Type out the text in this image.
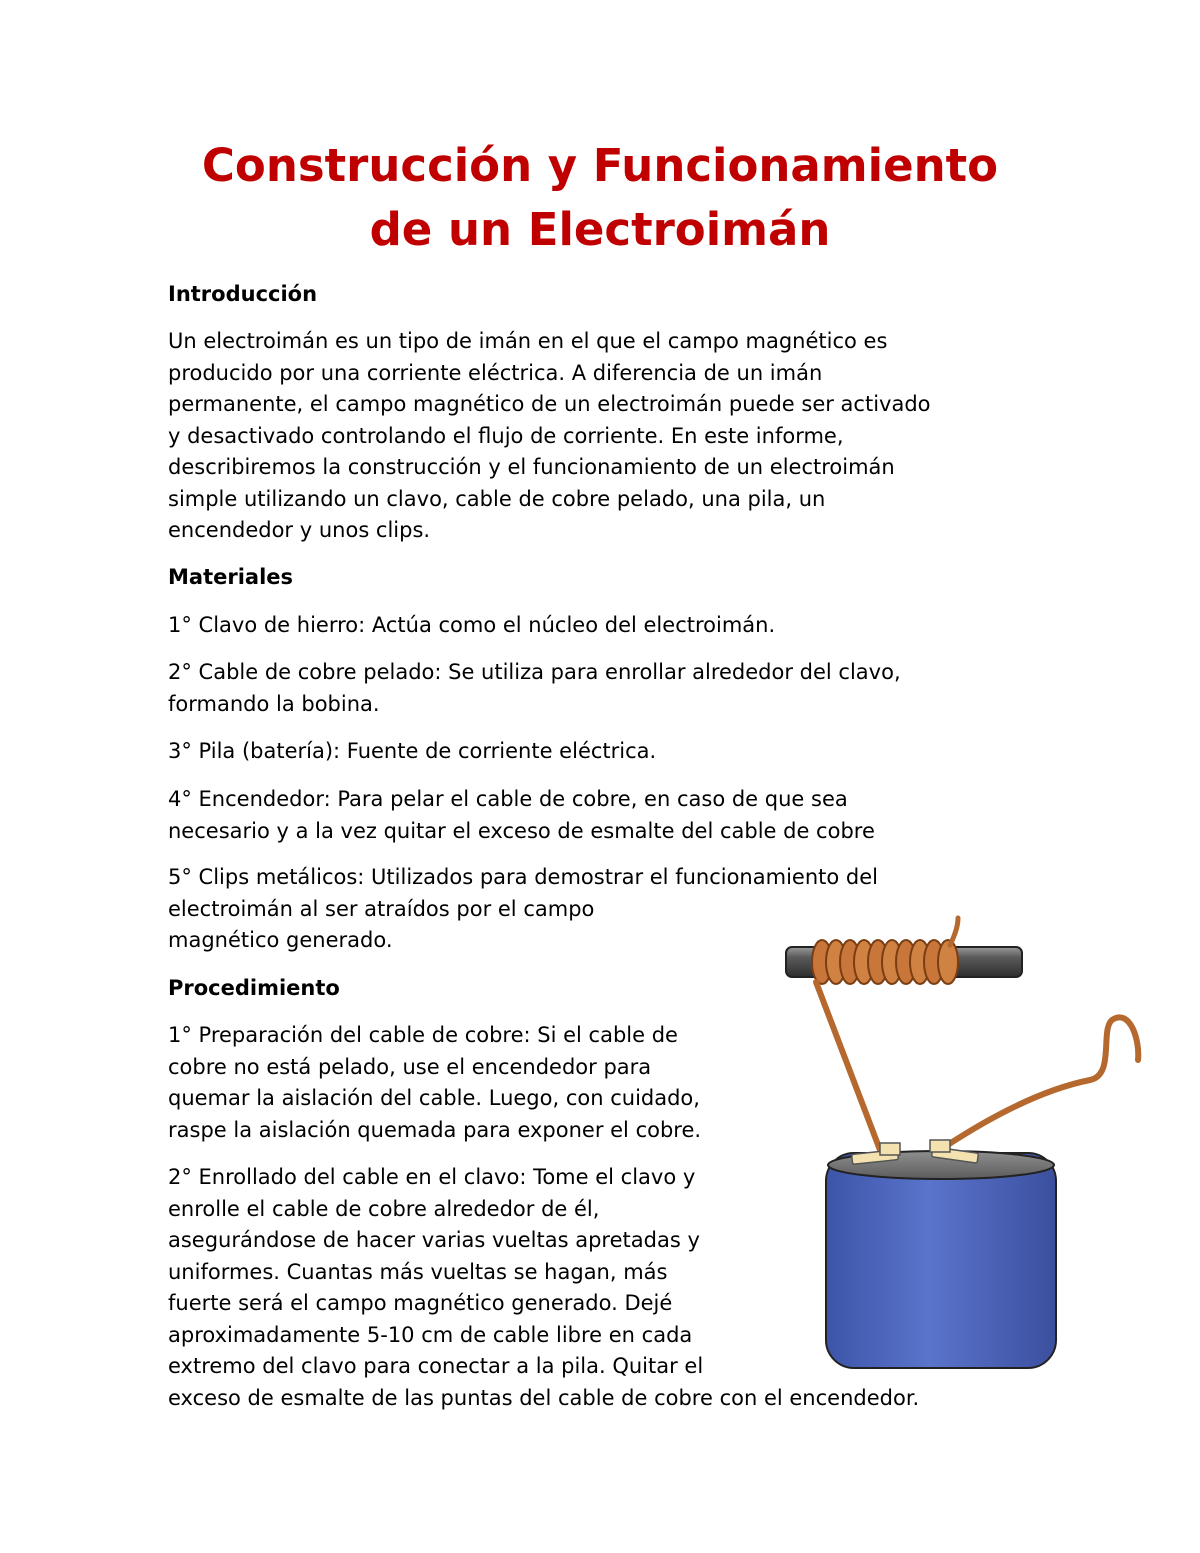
Construcción y Funcionamiento
de un Electroimán
Introducción

Un electroimán es un tipo de imán en el que el campo magnético es
producido por una corriente eléctrica. A diferencia de un imán
permanente, el campo magnético de un electroimán puede ser activado
y desactivado controlando el flujo de corriente. En este informe,
describiremos la construcción y el funcionamiento de un electroimán
simple utilizando un clavo, cable de cobre pelado, una pila, un
encendedor y unos clips.

Materiales

1° Clavo de hierro: Actúa como el núcleo del electroimán.

2° Cable de cobre pelado: Se utiliza para enrollar alrededor del clavo,
formando la bobina.

3° Pila (batería): Fuente de corriente eléctrica.

4° Encendedor: Para pelar el cable de cobre, en caso de que sea
necesario y a la vez quitar el exceso de esmalte del cable de cobre

5° Clips metálicos: Utilizados para demostrar el funcionamiento del
electroimán al ser atraídos por el campo
magnético generado.

Procedimiento

1° Preparación del cable de cobre: Si el cable de
cobre no está pelado, use el encendedor para
quemar la aislación del cable. Luego, con cuidado,
raspe la aislación quemada para exponer el cobre.

2° Enrollado del cable en el clavo: Tome el clavo y
enrolle el cable de cobre alrededor de él,
asegurándose de hacer varias vueltas apretadas y
uniformes. Cuantas más vueltas se hagan, más
fuerte será el campo magnético generado. Dejé
aproximadamente 5-10 cm de cable libre en cada
extremo del clavo para conectar a la pila. Quitar el
exceso de esmalte de las puntas del cable de cobre con el encendedor.
